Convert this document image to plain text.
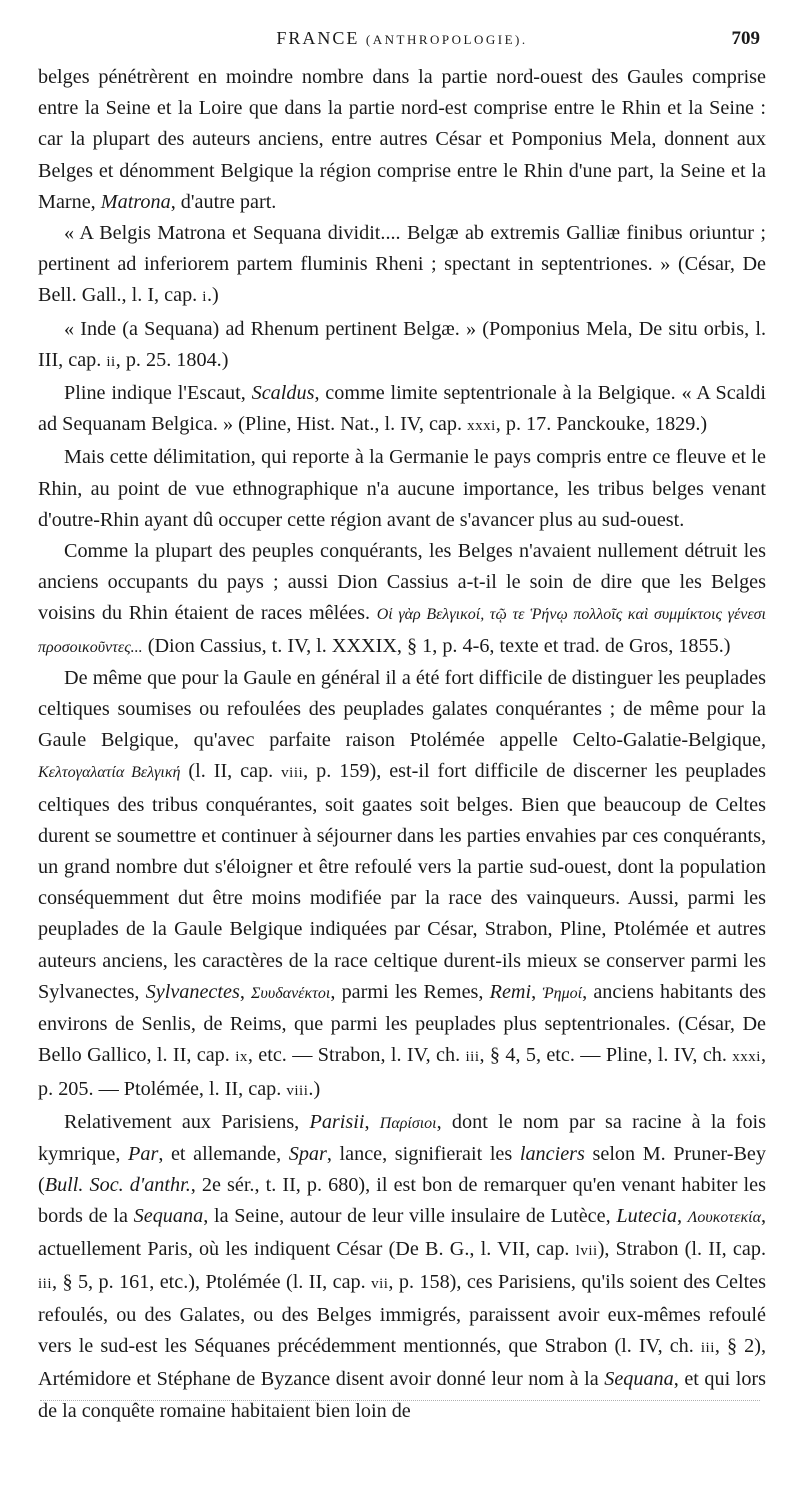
FRANCE (ANTHROPOLOGIE).	709

belges pénétrèrent en moindre nombre dans la partie nord-ouest des Gaules comprise entre la Seine et la Loire que dans la partie nord-est comprise entre le Rhin et la Seine : car la plupart des auteurs anciens, entre autres César et Pomponius Mela, donnent aux Belges et dénomment Belgique la région comprise entre le Rhin d'une part, la Seine et la Marne, Matrona, d'autre part.

« A Belgis Matrona et Sequana dividit.... Belgæ ab extremis Galliæ finibus oriuntur ; pertinent ad inferiorem partem fluminis Rheni ; spectant in septentriones. » (César, De Bell. Gall., l. I, cap. i.)

« Inde (a Sequana) ad Rhenum pertinent Belgæ. » (Pomponius Mela, De situ orbis, l. III, cap. ii, p. 25. 1804.)

Pline indique l'Escaut, Scaldus, comme limite septentrionale à la Belgique. « A Scaldi ad Sequanam Belgica. » (Pline, Hist. Nat., l. IV, cap. xxxi, p. 17. Panckouke, 1829.)

Mais cette délimitation, qui reporte à la Germanie le pays compris entre ce fleuve et le Rhin, au point de vue ethnographique n'a aucune importance, les tribus belges venant d'outre-Rhin ayant dû occuper cette région avant de s'avancer plus au sud-ouest.

Comme la plupart des peuples conquérants, les Belges n'avaient nullement détruit les anciens occupants du pays ; aussi Dion Cassius a-t-il le soin de dire que les Belges voisins du Rhin étaient de races mêlées. Οἱ γὰρ Βελγικοί, τῷ τε Ῥήνῳ πολλοῖς καὶ συμμίκτοις γένεσι προσοικοῦντες... (Dion Cassius, t. IV, l. XXXIX, § 1, p. 4-6, texte et trad. de Gros, 1855.)

De même que pour la Gaule en général il a été fort difficile de distinguer les peuplades celtiques soumises ou refoulées des peuplades galates conquérantes ; de même pour la Gaule Belgique, qu'avec parfaite raison Ptolémée appelle Celto-Galatie-Belgique, Κελτογαλατία Βελγική (l. II, cap. viii, p. 159), est-il fort difficile de discerner les peuplades celtiques des tribus conquérantes, soit gaates soit belges. Bien que beaucoup de Celtes durent se soumettre et continuer à séjourner dans les parties envahies par ces conquérants, un grand nombre dut s'éloigner et être refoulé vers la partie sud-ouest, dont la population conséquemment dut être moins modifiée par la race des vainqueurs. Aussi, parmi les peuplades de la Gaule Belgique indiquées par César, Strabon, Pline, Ptolémée et autres auteurs anciens, les caractères de la race celtique durent-ils mieux se conserver parmi les Sylvanectes, Sylvanectes, Συυδανέκτοι, parmi les Remes, Remi, Ῥημοί, anciens habitants des environs de Senlis, de Reims, que parmi les peuplades plus septentrionales. (César, De Bello Gallico, l. II, cap. ix, etc. — Strabon, l. IV, ch. iii, § 4, 5, etc. — Pline, l. IV, ch. xxxi, p. 205. — Ptolémée, l. II, cap. viii.)

Relativement aux Parisiens, Parisii, Παρίσιοι, dont le nom par sa racine à la fois kymrique, Par, et allemande, Spar, lance, signifierait les lanciers selon M. Pruner-Bey (Bull. Soc. d'anthr., 2e sér., t. II, p. 680), il est bon de remarquer qu'en venant habiter les bords de la Sequana, la Seine, autour de leur ville insulaire de Lutèce, Lutecia, Λουκοτεκία, actuellement Paris, où les indiquent César (De B. G., l. VII, cap. lvii), Strabon (l. II, cap. iii, § 5, p. 161, etc.), Ptolémée (l. II, cap. vii, p. 158), ces Parisiens, qu'ils soient des Celtes refoulés, ou des Galates, ou des Belges immigrés, paraissent avoir eux-mêmes refoulé vers le sud-est les Séquanes précédemment mentionnés, que Strabon (l. IV, ch. iii, § 2), Artémidore et Stéphane de Byzance disent avoir donné leur nom à la Sequana, et qui lors de la conquête romaine habitaient bien loin de
